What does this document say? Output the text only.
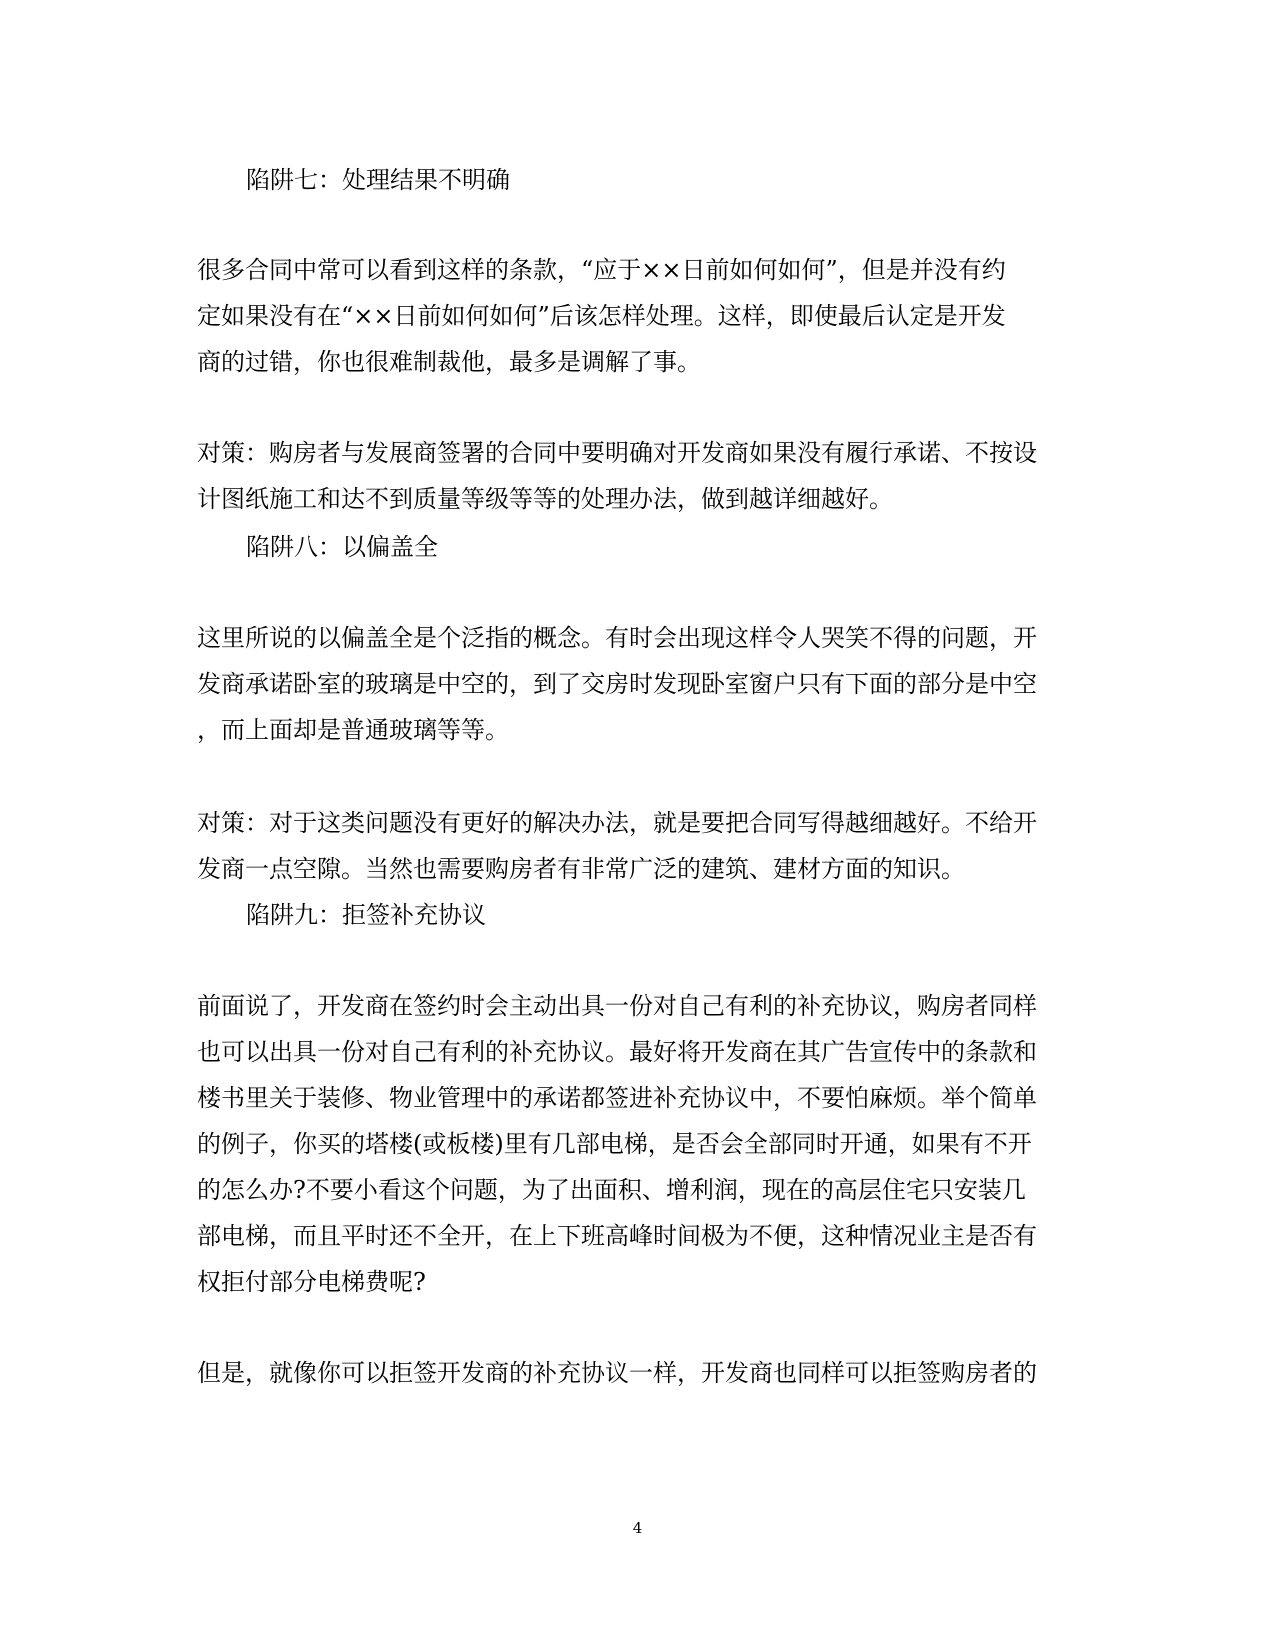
陷阱七：处理结果不明确
很多合同中常可以看到这样的条款，“应于××日前如何如何”，但是并没有约
定如果没有在“××日前如何如何”后该怎样处理。这样，即使最后认定是开发
商的过错，你也很难制裁他，最多是调解了事。
对策：购房者与发展商签署的合同中要明确对开发商如果没有履行承诺、不按设
计图纸施工和达不到质量等级等等的处理办法，做到越详细越好。
陷阱八：以偏盖全
这里所说的以偏盖全是个泛指的概念。有时会出现这样令人哭笑不得的问题，开
发商承诺卧室的玻璃是中空的，到了交房时发现卧室窗户只有下面的部分是中空
，而上面却是普通玻璃等等。
对策：对于这类问题没有更好的解决办法，就是要把合同写得越细越好。不给开
发商一点空隙。当然也需要购房者有非常广泛的建筑、建材方面的知识。
陷阱九：拒签补充协议
前面说了，开发商在签约时会主动出具一份对自己有利的补充协议，购房者同样
也可以出具一份对自己有利的补充协议。最好将开发商在其广告宣传中的条款和
楼书里关于装修、物业管理中的承诺都签进补充协议中，不要怕麻烦。举个简单
的例子，你买的塔楼(或板楼)里有几部电梯，是否会全部同时开通，如果有不开
的怎么办?不要小看这个问题，为了出面积、增利润，现在的高层住宅只安装几
部电梯，而且平时还不全开，在上下班高峰时间极为不便，这种情况业主是否有
权拒付部分电梯费呢?
但是，就像你可以拒签开发商的补充协议一样，开发商也同样可以拒签购房者的
4
